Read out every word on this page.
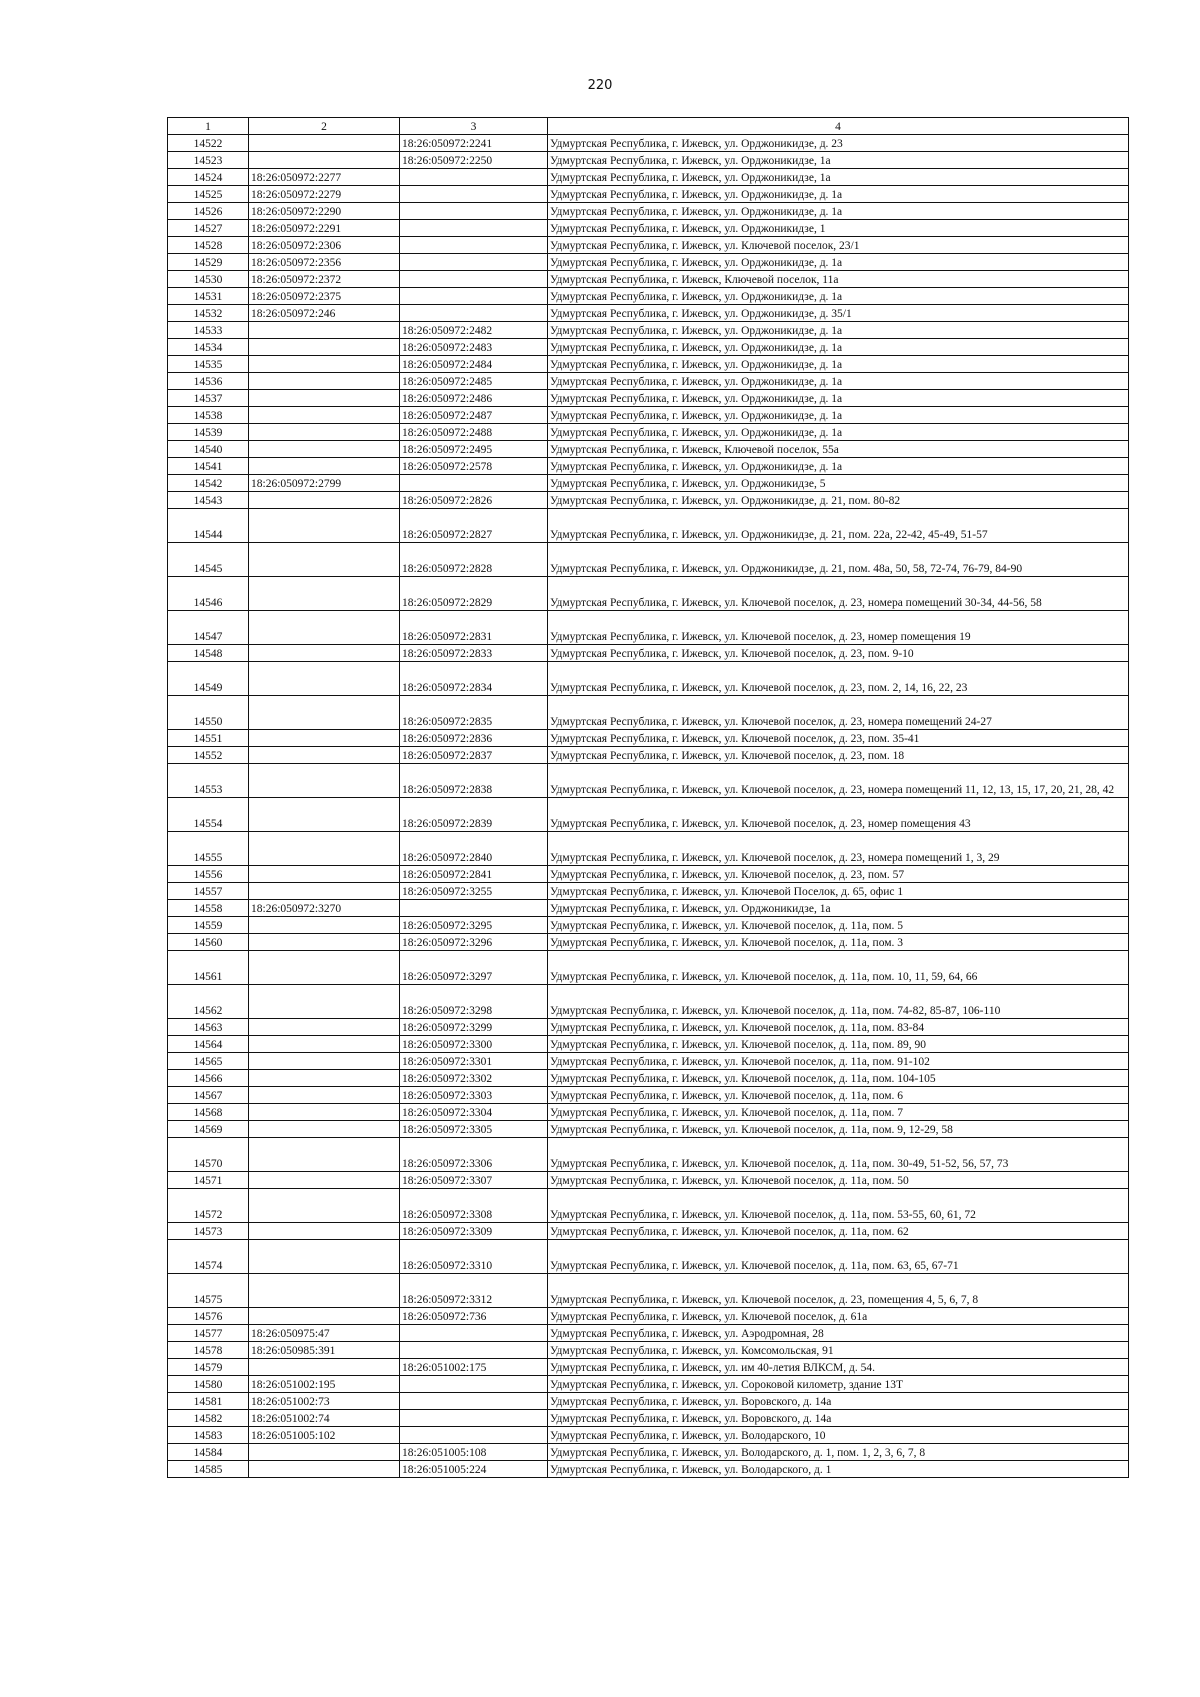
220
1	2	3	4
14522		18:26:050972:2241	Удмуртская Республика, г. Ижевск, ул. Орджоникидзе, д. 23
14523		18:26:050972:2250	Удмуртская Республика, г. Ижевск, ул. Орджоникидзе, 1а
14524	18:26:050972:2277		Удмуртская Республика, г. Ижевск, ул. Орджоникидзе, 1а
14525	18:26:050972:2279		Удмуртская Республика, г. Ижевск, ул. Орджоникидзе, д. 1а
14526	18:26:050972:2290		Удмуртская Республика, г. Ижевск, ул. Орджоникидзе, д. 1а
14527	18:26:050972:2291		Удмуртская Республика, г. Ижевск, ул. Орджоникидзе, 1
14528	18:26:050972:2306		Удмуртская Республика, г. Ижевск, ул. Ключевой поселок, 23/1
14529	18:26:050972:2356		Удмуртская Республика, г. Ижевск, ул. Орджоникидзе, д. 1а
14530	18:26:050972:2372		Удмуртская Республика, г. Ижевск, Ключевой поселок, 11а
14531	18:26:050972:2375		Удмуртская Республика, г. Ижевск, ул. Орджоникидзе, д. 1а
14532	18:26:050972:246		Удмуртская Республика, г. Ижевск, ул. Орджоникидзе, д. 35/1
14533		18:26:050972:2482	Удмуртская Республика, г. Ижевск, ул. Орджоникидзе, д. 1а
14534		18:26:050972:2483	Удмуртская Республика, г. Ижевск, ул. Орджоникидзе, д. 1а
14535		18:26:050972:2484	Удмуртская Республика, г. Ижевск, ул. Орджоникидзе, д. 1а
14536		18:26:050972:2485	Удмуртская Республика, г. Ижевск, ул. Орджоникидзе, д. 1а
14537		18:26:050972:2486	Удмуртская Республика, г. Ижевск, ул. Орджоникидзе, д. 1а
14538		18:26:050972:2487	Удмуртская Республика, г. Ижевск, ул. Орджоникидзе, д. 1а
14539		18:26:050972:2488	Удмуртская Республика, г. Ижевск, ул. Орджоникидзе, д. 1а
14540		18:26:050972:2495	Удмуртская Республика, г. Ижевск, Ключевой поселок, 55а
14541		18:26:050972:2578	Удмуртская Республика, г. Ижевск, ул. Орджоникидзе, д. 1а
14542	18:26:050972:2799		Удмуртская Республика, г. Ижевск, ул. Орджоникидзе, 5
14543		18:26:050972:2826	Удмуртская Республика, г. Ижевск, ул. Орджоникидзе, д. 21, пом. 80-82
14544		18:26:050972:2827	Удмуртская Республика, г. Ижевск, ул. Орджоникидзе, д. 21, пом. 22а, 22-42, 45-49, 51-57
14545		18:26:050972:2828	Удмуртская Республика, г. Ижевск, ул. Орджоникидзе, д. 21, пом. 48а, 50, 58, 72-74, 76-79, 84-90
14546		18:26:050972:2829	Удмуртская Республика, г. Ижевск, ул. Ключевой поселок, д. 23, номера помещений 30-34, 44-56, 58
14547		18:26:050972:2831	Удмуртская Республика, г. Ижевск, ул. Ключевой поселок, д. 23, номер помещения 19
14548		18:26:050972:2833	Удмуртская Республика, г. Ижевск, ул. Ключевой поселок, д. 23, пом. 9-10
14549		18:26:050972:2834	Удмуртская Республика, г. Ижевск, ул. Ключевой поселок, д. 23, пом. 2, 14, 16, 22, 23
14550		18:26:050972:2835	Удмуртская Республика, г. Ижевск, ул. Ключевой поселок, д. 23, номера помещений 24-27
14551		18:26:050972:2836	Удмуртская Республика, г. Ижевск, ул. Ключевой поселок, д. 23, пом. 35-41
14552		18:26:050972:2837	Удмуртская Республика, г. Ижевск, ул. Ключевой поселок, д. 23, пом. 18
14553		18:26:050972:2838	Удмуртская Республика, г. Ижевск, ул. Ключевой поселок, д. 23, номера помещений 11, 12, 13, 15, 17, 20, 21, 28, 42
14554		18:26:050972:2839	Удмуртская Республика, г. Ижевск, ул. Ключевой поселок, д. 23, номер помещения 43
14555		18:26:050972:2840	Удмуртская Республика, г. Ижевск, ул. Ключевой поселок, д. 23, номера помещений 1, 3, 29
14556		18:26:050972:2841	Удмуртская Республика, г. Ижевск, ул. Ключевой поселок, д. 23, пом. 57
14557		18:26:050972:3255	Удмуртская Республика, г. Ижевск, ул. Ключевой Поселок, д. 65, офис 1
14558	18:26:050972:3270		Удмуртская Республика, г. Ижевск, ул. Орджоникидзе, 1а
14559		18:26:050972:3295	Удмуртская Республика, г. Ижевск, ул. Ключевой поселок, д. 11а, пом. 5
14560		18:26:050972:3296	Удмуртская Республика, г. Ижевск, ул. Ключевой поселок, д. 11а, пом. 3
14561		18:26:050972:3297	Удмуртская Республика, г. Ижевск, ул. Ключевой поселок, д. 11а, пом. 10, 11, 59, 64, 66
14562		18:26:050972:3298	Удмуртская Республика, г. Ижевск, ул. Ключевой поселок, д. 11а, пом. 74-82, 85-87, 106-110
14563		18:26:050972:3299	Удмуртская Республика, г. Ижевск, ул. Ключевой поселок, д. 11а, пом. 83-84
14564		18:26:050972:3300	Удмуртская Республика, г. Ижевск, ул. Ключевой поселок, д. 11а, пом. 89, 90
14565		18:26:050972:3301	Удмуртская Республика, г. Ижевск, ул. Ключевой поселок, д. 11а, пом. 91-102
14566		18:26:050972:3302	Удмуртская Республика, г. Ижевск, ул. Ключевой поселок, д. 11а, пом. 104-105
14567		18:26:050972:3303	Удмуртская Республика, г. Ижевск, ул. Ключевой поселок, д. 11а, пом. 6
14568		18:26:050972:3304	Удмуртская Республика, г. Ижевск, ул. Ключевой поселок, д. 11а, пом. 7
14569		18:26:050972:3305	Удмуртская Республика, г. Ижевск, ул. Ключевой поселок, д. 11а, пом. 9, 12-29, 58
14570		18:26:050972:3306	Удмуртская Республика, г. Ижевск, ул. Ключевой поселок, д. 11а, пом. 30-49, 51-52, 56, 57, 73
14571		18:26:050972:3307	Удмуртская Республика, г. Ижевск, ул. Ключевой поселок, д. 11а, пом. 50
14572		18:26:050972:3308	Удмуртская Республика, г. Ижевск, ул. Ключевой поселок, д. 11а, пом. 53-55, 60, 61, 72
14573		18:26:050972:3309	Удмуртская Республика, г. Ижевск, ул. Ключевой поселок, д. 11а, пом. 62
14574		18:26:050972:3310	Удмуртская Республика, г. Ижевск, ул. Ключевой поселок, д. 11а, пом. 63, 65, 67-71
14575		18:26:050972:3312	Удмуртская Республика, г. Ижевск, ул. Ключевой поселок, д. 23, помещения 4, 5, 6, 7, 8
14576		18:26:050972:736	Удмуртская Республика, г. Ижевск, ул. Ключевой поселок, д. 61а
14577	18:26:050975:47		Удмуртская Республика, г. Ижевск, ул. Аэродромная, 28
14578	18:26:050985:391		Удмуртская Республика, г. Ижевск, ул. Комсомольская, 91
14579		18:26:051002:175	Удмуртская Республика, г. Ижевск, ул. им 40-летия ВЛКСМ, д. 54.
14580	18:26:051002:195		Удмуртская Республика, г. Ижевск, ул. Сороковой километр, здание 13Т
14581	18:26:051002:73		Удмуртская Республика, г. Ижевск, ул. Воровского, д. 14а
14582	18:26:051002:74		Удмуртская Республика, г. Ижевск, ул. Воровского, д. 14а
14583	18:26:051005:102		Удмуртская Республика, г. Ижевск, ул. Володарского, 10
14584		18:26:051005:108	Удмуртская Республика, г. Ижевск, ул. Володарского, д. 1, пом. 1, 2, 3, 6, 7, 8
14585		18:26:051005:224	Удмуртская Республика, г. Ижевск, ул. Володарского, д. 1
